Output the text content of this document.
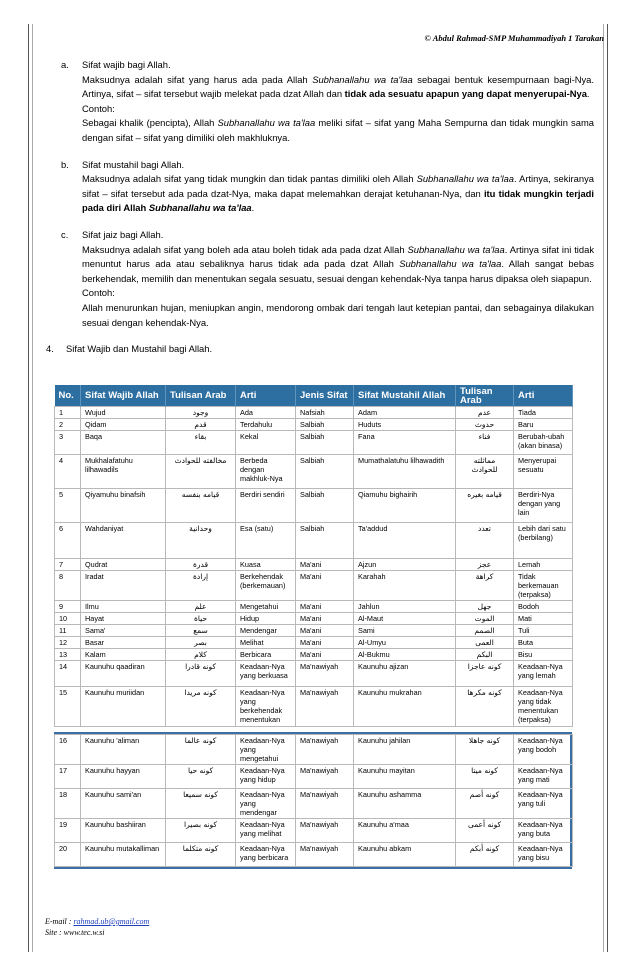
© Abdul Rahmad-SMP Muhammadiyah 1 Tarakan
a. Sifat wajib bagi Allah.
Maksudnya adalah sifat yang harus ada pada Allah Subhanallahu wa ta'laa sebagai bentuk kesempurnaan bagi-Nya. Artinya, sifat – sifat tersebut wajib melekat pada dzat Allah dan tidak ada sesuatu apapun yang dapat menyerupai-Nya.
Contoh:
Sebagai khalik (pencipta), Allah Subhanallahu wa ta'laa meliki sifat – sifat yang Maha Sempurna dan tidak mungkin sama dengan sifat – sifat yang dimiliki oleh makhluknya.
b. Sifat mustahil bagi Allah.
Maksudnya adalah sifat yang tidak mungkin dan tidak pantas dimiliki oleh Allah Subhanallahu wa ta'laa. Artinya, sekiranya sifat – sifat tersebut ada pada dzat-Nya, maka dapat melemahkan derajat ketuhanan-Nya, dan itu tidak mungkin terjadi pada diri Allah Subhanallahu wa ta'laa.
c. Sifat jaiz bagi Allah.
Maksudnya adalah sifat yang boleh ada atau boleh tidak ada pada dzat Allah Subhanallahu wa ta'laa. Artinya sifat ini tidak menuntut harus ada atau sebaliknya harus tidak ada pada dzat Allah Subhanallahu wa ta'laa. Allah sangat bebas berkehendak, memilih dan menentukan segala sesuatu, sesuai dengan kehendak-Nya tanpa harus dipaksa oleh siapapun.
Contoh:
Allah menurunkan hujan, meniupkan angin, mendorong ombak dari tengah laut ketepian pantai, dan sebagainya dilakukan sesuai dengan kehendak-Nya.
4. Sifat Wajib dan Mustahil bagi Allah.
No.	Sifat Wajib Allah	Tulisan Arab	Arti	Jenis Sifat	Sifat Mustahil Allah	Tulisan Arab	Arti
1	Wujud	وجود	Ada	Nafsiah	Adam	عدم	Tiada
2	Qidam	قدم	Terdahulu	Salbiah	Huduts	حدوث	Baru
3	Baqa	بقاء	Kekal	Salbiah	Fana	فناء	Berubah-ubah (akan binasa)
4	Mukhalafatuhu lilhawadils	مخالفته للحوادث	Berbeda dengan makhluk-Nya	Salbiah	Mumathalatuhu lilhawadith	مماثلته للحوادث	Menyerupai sesuatu
5	Qiyamuhu binafsih	قيامه بنفسه	Berdiri sendiri	Salbiah	Qiamuhu bighairih	قيامه بغيره	Berdiri-Nya dengan yang lain
6	Wahdaniyat	وحدانية	Esa (satu)	Salbiah	Ta'addud	تعدد	Lebih dari satu (berbilang)
7	Qudrat	قدرة	Kuasa	Ma'ani	Ajzun	عجز	Lemah
8	Iradat	إرادة	Berkehendak (berkemauan)	Ma'ani	Karahah	كراهة	Tidak berkemauan (terpaksa)
9	Ilmu	علم	Mengetahui	Ma'ani	Jahlun	جهل	Bodoh
10	Hayat	حياة	Hidup	Ma'ani	Al-Maut	الموت	Mati
11	Sama'	سمع	Mendengar	Ma'ani	Sami	الصمم	Tuli
12	Basar	بصر	Melihat	Ma'ani	Al-Umyu	العمى	Buta
13	Kalam	كلام	Berbicara	Ma'ani	Al-Bukmu	البكم	Bisu
14	Kaunuhu qaadiran	كونه قادرا	Keadaan-Nya yang berkuasa	Ma'nawiyah	Kaunuhu ajizan	كونه عاجزا	Keadaan-Nya yang lemah
15	Kaunuhu muriidan	كونه مريدا	Keadaan-Nya yang berkehendak menentukan	Ma'nawiyah	Kaunuhu mukrahan	كونه مكرها	Keadaan-Nya yang tidak menentukan (terpaksa)
16	Kaunuhu 'aliman	كونه عالما	Keadaan-Nya yang mengetahui	Ma'nawiyah	Kaunuhu jahilan	كونه جاهلا	Keadaan-Nya yang bodoh
17	Kaunuhu hayyan	كونه حيا	Keadaan-Nya yang hidup	Ma'nawiyah	Kaunuhu mayitan	كونه ميتا	Keadaan-Nya yang mati
18	Kaunuhu sami'an	كونه سميعا	Keadaan-Nya yang mendengar	Ma'nawiyah	Kaunuhu ashamma	كونه أصم	Keadaan-Nya yang tuli
19	Kaunuhu bashiiran	كونه بصيرا	Keadaan-Nya yang melihat	Ma'nawiyah	Kaunuhu a'maa	كونه أعمى	Keadaan-Nya yang buta
20	Kaunuhu mutakalliman	كونه متكلما	Keadaan-Nya yang berbicara	Ma'nawiyah	Kaunuhu abkam	كونه أبكم	Keadaan-Nya yang bisu
E-mail : rahmad.ub@gmail.com
Site : www.tec.w.si
